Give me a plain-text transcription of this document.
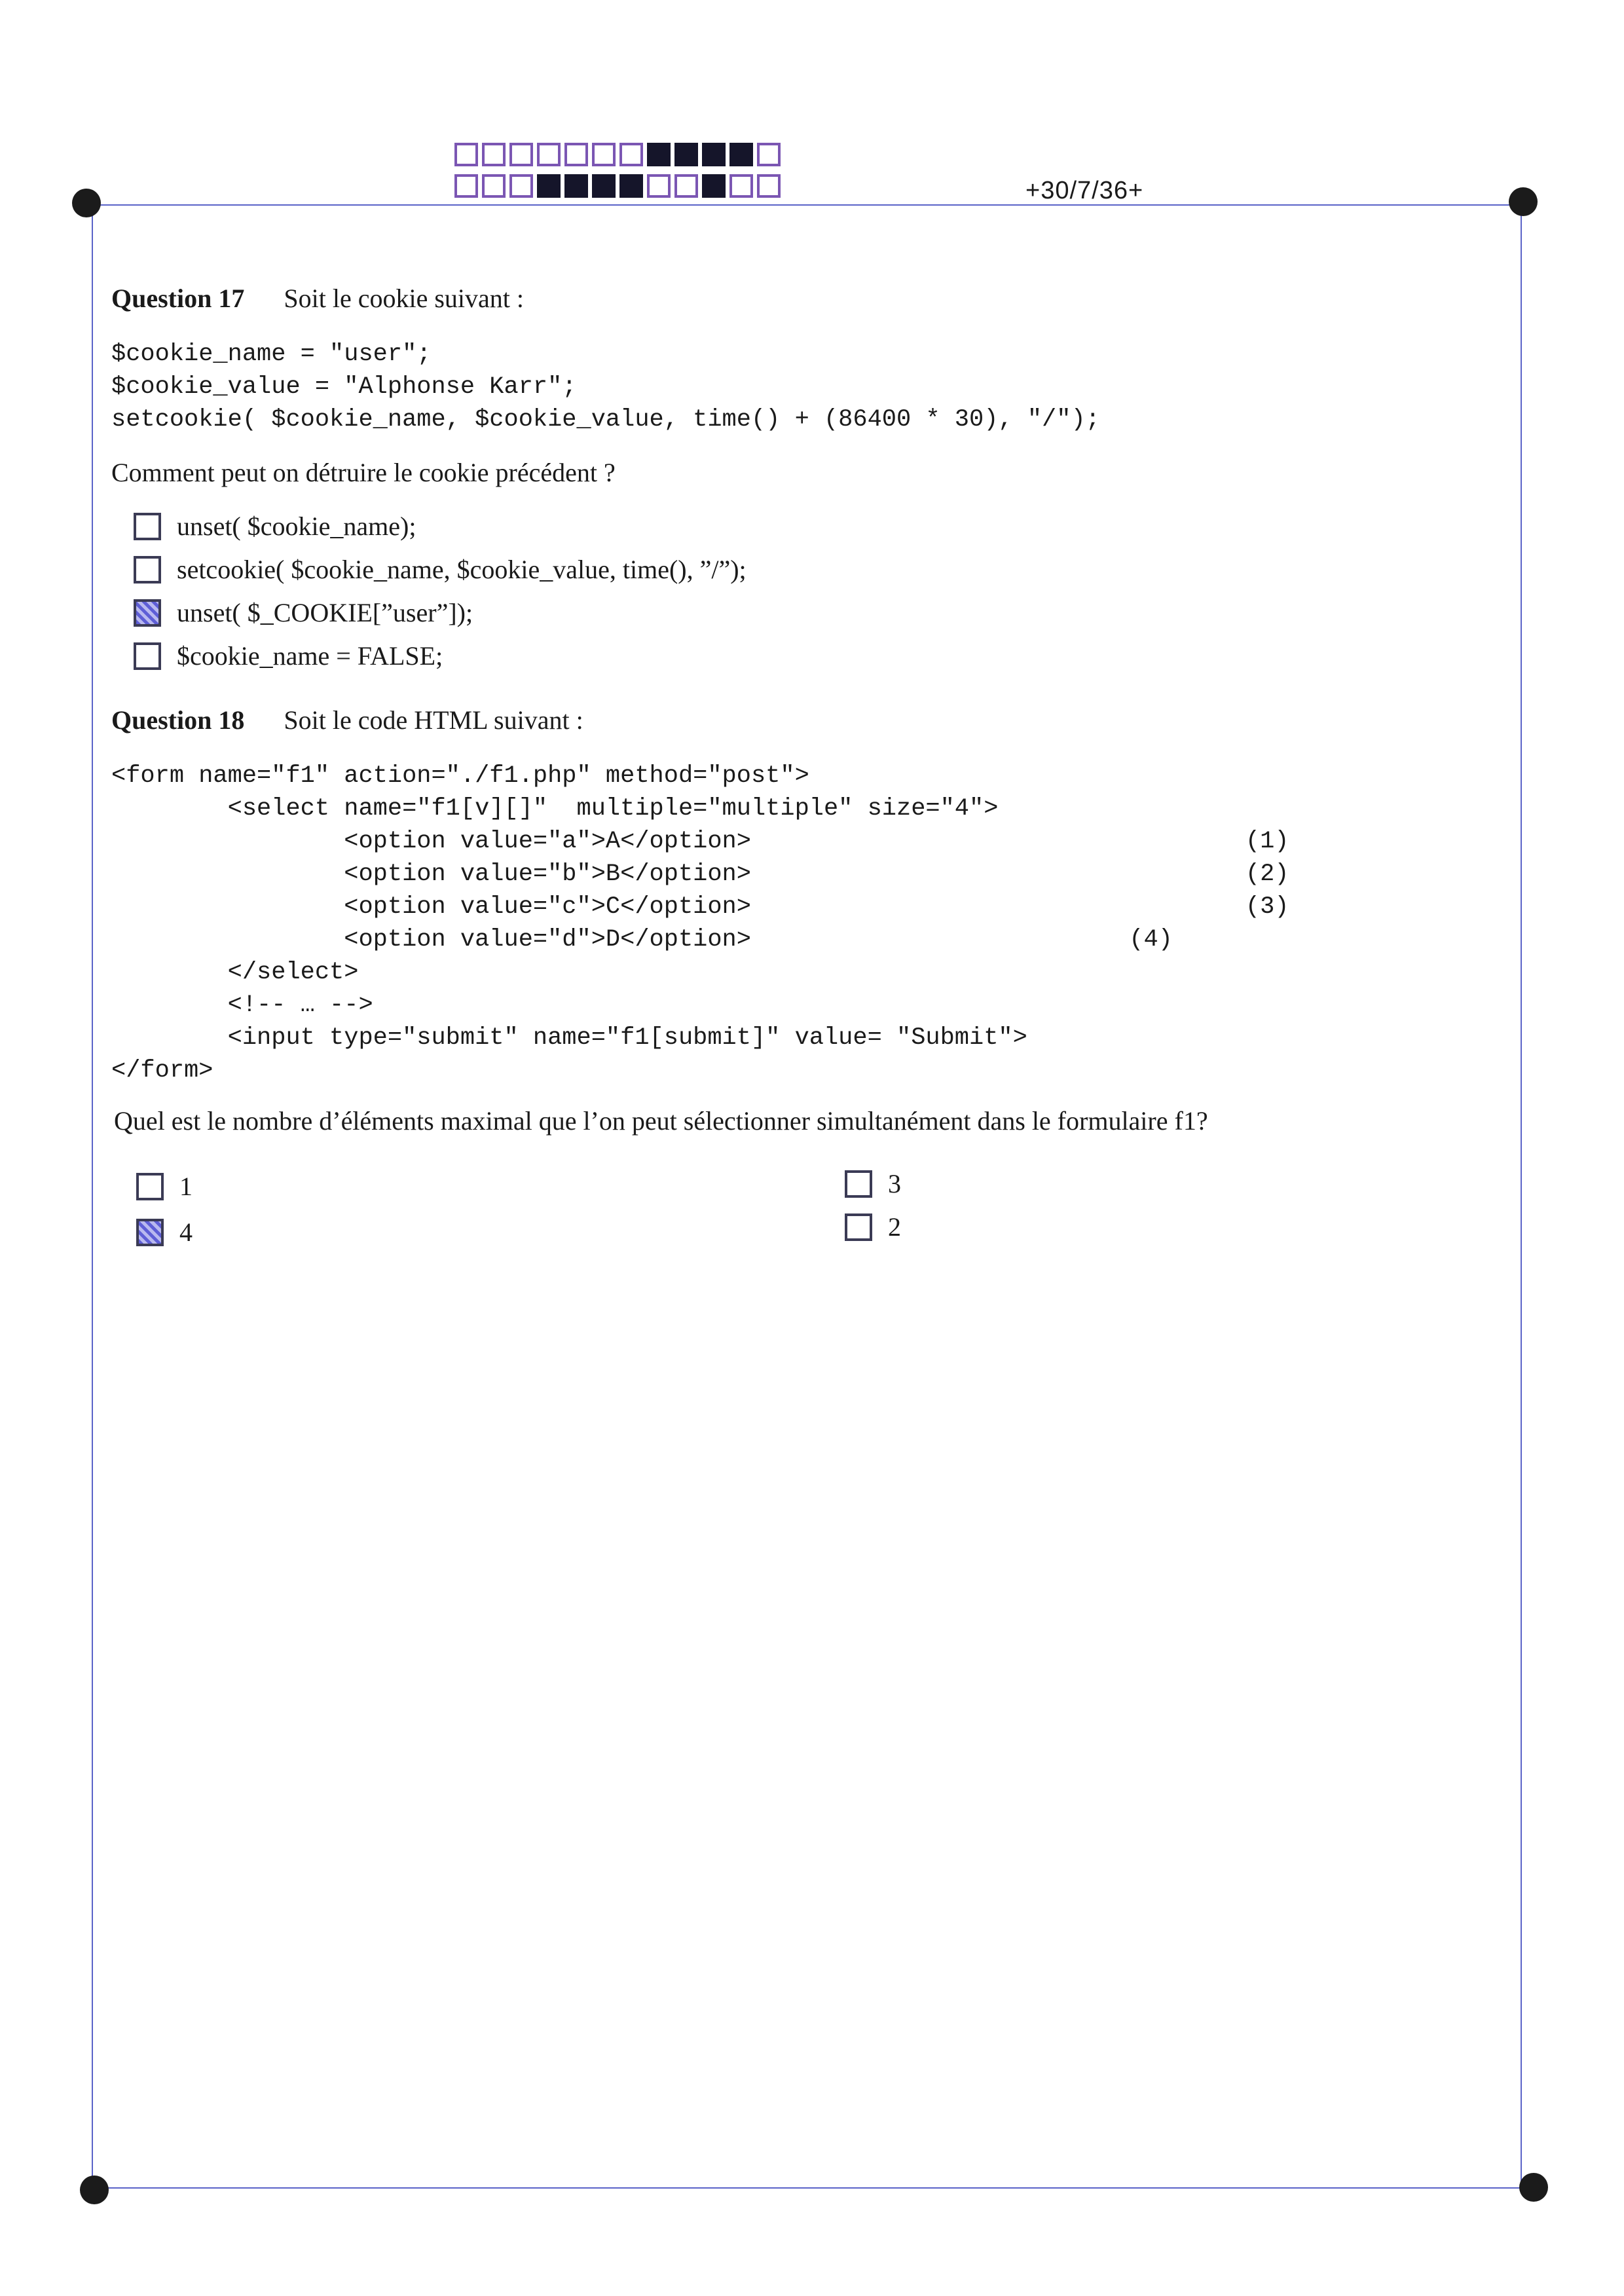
+30/7/36+
Question 17 Soit le cookie suivant :
$cookie_name = "user";
$cookie_value = "Alphonse Karr";
setcookie( $cookie_name, $cookie_value, time() + (86400 * 30), "/");
Comment peut on détruire le cookie précédent ?
unset( $cookie_name);
setcookie( $cookie_name, $cookie_value, time(), ”/”);
unset( $_COOKIE[”user”]);
$cookie_name = FALSE;
Question 18 Soit le code HTML suivant :
<form name="f1" action="./f1.php" method="post">
<select name="f1[v][]"  multiple="multiple" size="4">
<option value="a">A</option>                                  (1)
<option value="b">B</option>                                  (2)
<option value="c">C</option>                                  (3)
<option value="d">D</option>                          (4)
</select>
<!-- … -->
<input type="submit" name="f1[submit]" value= "Submit">
</form>
Quel est le nombre d’éléments maximal que l’on peut sélectionner simultanément dans le formulaire f1?
1
4
3
2
